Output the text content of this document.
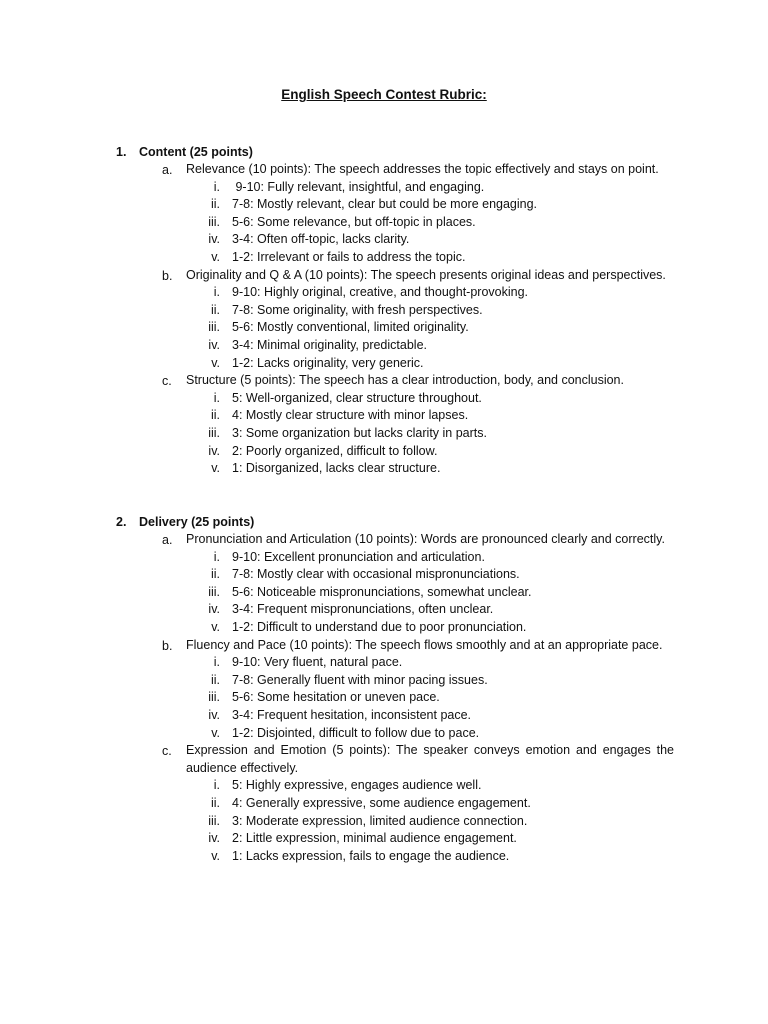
English Speech Contest Rubric:
1. Content (25 points)
a. Relevance (10 points): The speech addresses the topic effectively and stays on point.
i. 9-10: Fully relevant, insightful, and engaging.
ii. 7-8: Mostly relevant, clear but could be more engaging.
iii. 5-6: Some relevance, but off-topic in places.
iv. 3-4: Often off-topic, lacks clarity.
v. 1-2: Irrelevant or fails to address the topic.
b. Originality and Q & A (10 points): The speech presents original ideas and perspectives.
i. 9-10: Highly original, creative, and thought-provoking.
ii. 7-8: Some originality, with fresh perspectives.
iii. 5-6: Mostly conventional, limited originality.
iv. 3-4: Minimal originality, predictable.
v. 1-2: Lacks originality, very generic.
c. Structure (5 points): The speech has a clear introduction, body, and conclusion.
i. 5: Well-organized, clear structure throughout.
ii. 4: Mostly clear structure with minor lapses.
iii. 3: Some organization but lacks clarity in parts.
iv. 2: Poorly organized, difficult to follow.
v. 1: Disorganized, lacks clear structure.
2. Delivery (25 points)
a. Pronunciation and Articulation (10 points): Words are pronounced clearly and correctly.
i. 9-10: Excellent pronunciation and articulation.
ii. 7-8: Mostly clear with occasional mispronunciations.
iii. 5-6: Noticeable mispronunciations, somewhat unclear.
iv. 3-4: Frequent mispronunciations, often unclear.
v. 1-2: Difficult to understand due to poor pronunciation.
b. Fluency and Pace (10 points): The speech flows smoothly and at an appropriate pace.
i. 9-10: Very fluent, natural pace.
ii. 7-8: Generally fluent with minor pacing issues.
iii. 5-6: Some hesitation or uneven pace.
iv. 3-4: Frequent hesitation, inconsistent pace.
v. 1-2: Disjointed, difficult to follow due to pace.
c. Expression and Emotion (5 points): The speaker conveys emotion and engages the audience effectively.
i. 5: Highly expressive, engages audience well.
ii. 4: Generally expressive, some audience engagement.
iii. 3: Moderate expression, limited audience connection.
iv. 2: Little expression, minimal audience engagement.
v. 1: Lacks expression, fails to engage the audience.
